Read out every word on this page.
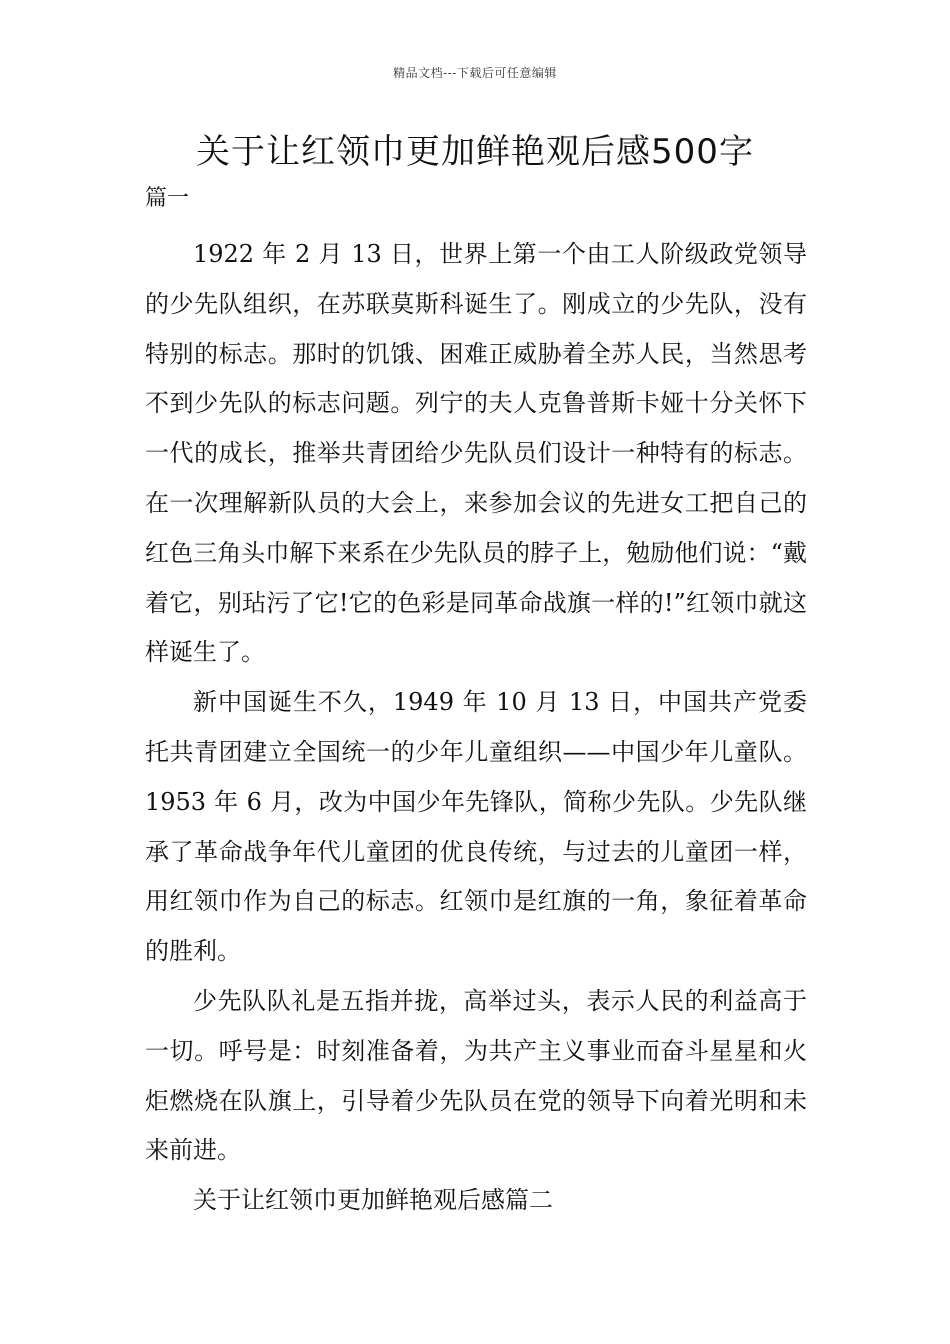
精品文档---下载后可任意编辑
关于让红领巾更加鲜艳观后感500字
篇一

1922 年 2 月 13 日，世界上第一个由工人阶级政党领导的少先队组织，在苏联莫斯科诞生了。刚成立的少先队，没有特别的标志。那时的饥饿、困难正威胁着全苏人民，当然思考不到少先队的标志问题。列宁的夫人克鲁普斯卡娅十分关怀下一代的成长，推举共青团给少先队员们设计一种特有的标志。在一次理解新队员的大会上，来参加会议的先进女工把自己的红色三角头巾解下来系在少先队员的脖子上，勉励他们说：“戴着它，别玷污了它!它的色彩是同革命战旗一样的!”红领巾就这样诞生了。

新中国诞生不久，1949 年 10 月 13 日，中国共产党委托共青团建立全国统一的少年儿童组织——中国少年儿童队。1953 年 6 月，改为中国少年先锋队，简称少先队。少先队继承了革命战争年代儿童团的优良传统，与过去的儿童团一样，用红领巾作为自己的标志。红领巾是红旗的一角，象征着革命的胜利。

少先队队礼是五指并拢，高举过头，表示人民的利益高于一切。呼号是：时刻准备着，为共产主义事业而奋斗星星和火炬燃烧在队旗上，引导着少先队员在党的领导下向着光明和未来前进。

关于让红领巾更加鲜艳观后感篇二
